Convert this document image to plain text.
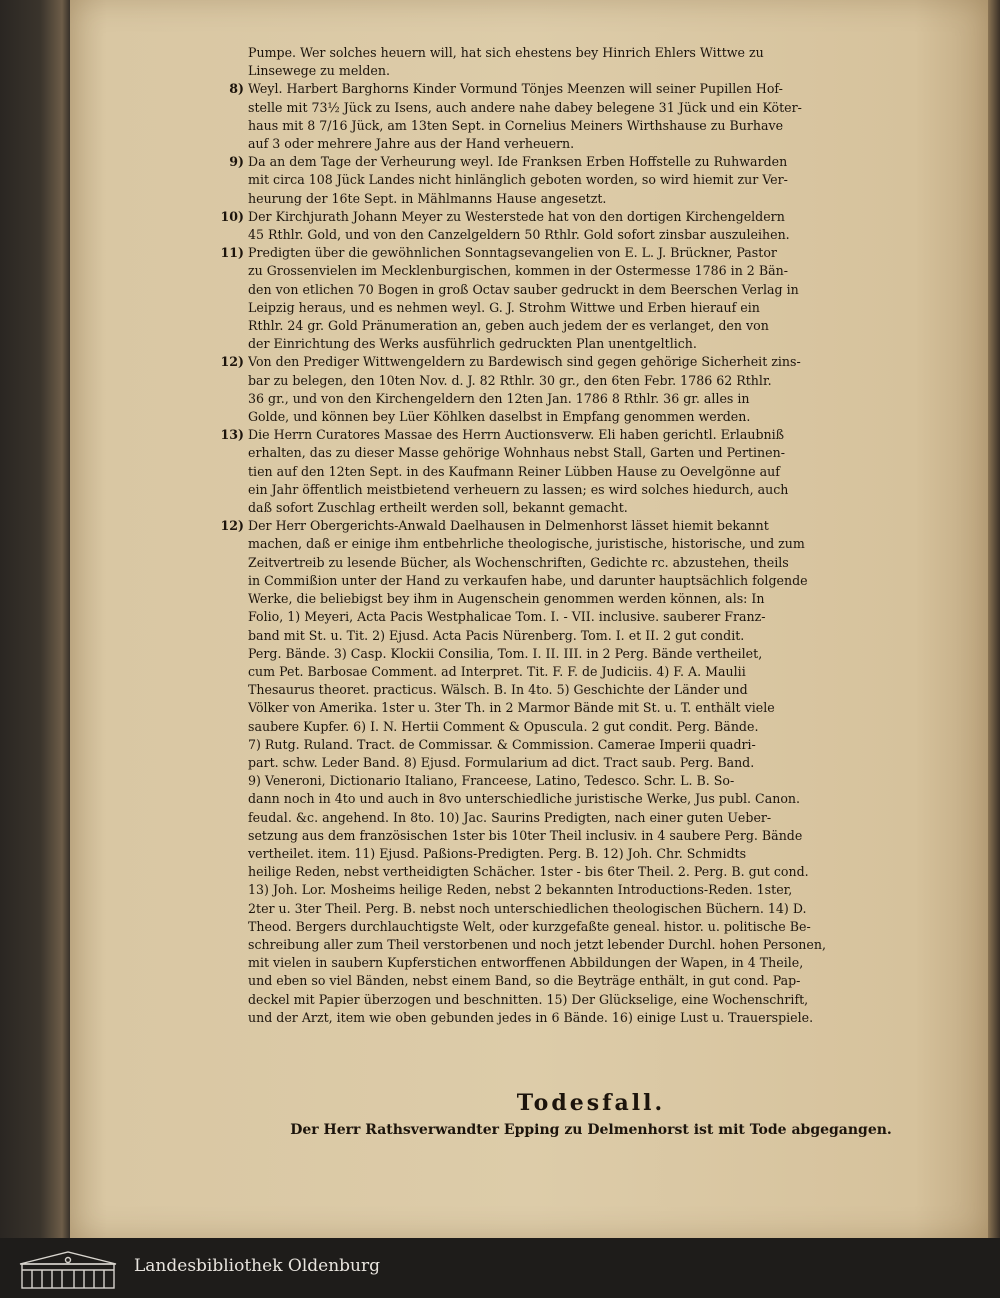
Pumpe. Wer solches heuern will, hat sich ehestens bey Hinrich Ehlers Wittwe zu
Linsewege zu melden.
8) Weyl. Harbert Barghorns Kinder Vormund Tönjes Meenzen will seiner Pupillen Hof-
stelle mit 73½ Jück zu Isens, auch andere nahe dabey belegene 31 Jück und ein Köter-
haus mit 8 7/16 Jück, am 13ten Sept. in Cornelius Meiners Wirthshause zu Burhave
auf 3 oder mehrere Jahre aus der Hand verheuern.
9) Da an dem Tage der Verheurung weyl. Ide Franksen Erben Hoffstelle zu Ruhwarden
mit circa 108 Jück Landes nicht hinlänglich geboten worden, so wird hiemit zur Ver-
heurung der 16te Sept. in Mählmanns Hause angesetzt.
10) Der Kirchjurath Johann Meyer zu Westerstede hat von den dortigen Kirchengeldern
45 Rthlr. Gold, und von den Canzelgeldern 50 Rthlr. Gold sofort zinsbar auszuleihen.
11) Predigten über die gewöhnlichen Sonntagsevangelien von E. L. J. Brückner, Pastor
zu Grossenvielen im Mecklenburgischen, kommen in der Ostermesse 1786 in 2 Bän-
den von etlichen 70 Bogen in groß Octav sauber gedruckt in dem Beerschen Verlag in
Leipzig heraus, und es nehmen weyl. G. J. Strohm Wittwe und Erben hierauf ein
Rthlr. 24 gr. Gold Pränumeration an, geben auch jedem der es verlanget, den von
der Einrichtung des Werks ausführlich gedruckten Plan unentgeltlich.
12) Von den Prediger Wittwengeldern zu Bardewisch sind gegen gehörige Sicherheit zins-
bar zu belegen, den 10ten Nov. d. J. 82 Rthlr. 30 gr., den 6ten Febr. 1786 62 Rthlr.
36 gr., und von den Kirchengeldern den 12ten Jan. 1786 8 Rthlr. 36 gr. alles in
Golde, und können bey Lüer Köhlken daselbst in Empfang genommen werden.
13) Die Herrn Curatores Massae des Herrn Auctionsverw. Eli haben gerichtl. Erlaubniß
erhalten, das zu dieser Masse gehörige Wohnhaus nebst Stall, Garten und Pertinen-
tien auf den 12ten Sept. in des Kaufmann Reiner Lübben Hause zu Oevelgönne auf
ein Jahr öffentlich meistbietend verheuern zu lassen; es wird solches hiedurch, auch
daß sofort Zuschlag ertheilt werden soll, bekannt gemacht.
12) Der Herr Obergerichts-Anwald Daelhausen in Delmenhorst lässet hiemit bekannt
machen, daß er einige ihm entbehrliche theologische, juristische, historische, und zum
Zeitvertreib zu lesende Bücher, als Wochenschriften, Gedichte rc. abzustehen, theils
in Commißion unter der Hand zu verkaufen habe, und darunter hauptsächlich folgende
Werke, die beliebigst bey ihm in Augenschein genommen werden können, als: In
Folio, 1) Meyeri, Acta Pacis Westphalicae Tom. I. - VII. inclusive. sauberer Franz-
band mit St. u. Tit. 2) Ejusd. Acta Pacis Nürenberg. Tom. I. et II. 2 gut condit.
Perg. Bände. 3) Casp. Klockii Consilia, Tom. I. II. III. in 2 Perg. Bände vertheilet,
cum Pet. Barbosae Comment. ad Interpret. Tit. F. F. de Judiciis. 4) F. A. Maulii
Thesaurus theoret. practicus. Wälsch. B. In 4to. 5) Geschichte der Länder und
Völker von Amerika. 1ster u. 3ter Th. in 2 Marmor Bände mit St. u. T. enthält viele
saubere Kupfer. 6) I. N. Hertii Comment & Opuscula. 2 gut condit. Perg. Bände.
7) Rutg. Ruland. Tract. de Commissar. & Commission. Camerae Imperii quadri-
part. schw. Leder Band. 8) Ejusd. Formularium ad dict. Tract saub. Perg. Band.
9) Veneroni, Dictionario Italiano, Franceese, Latino, Tedesco. Schr. L. B. So-
dann noch in 4to und auch in 8vo unterschiedliche juristische Werke, Jus publ. Canon.
feudal. &c. angehend. In 8to. 10) Jac. Saurins Predigten, nach einer guten Ueber-
setzung aus dem französischen 1ster bis 10ter Theil inclusiv. in 4 saubere Perg. Bände
vertheilet. item. 11) Ejusd. Paßions-Predigten. Perg. B. 12) Joh. Chr. Schmidts
heilige Reden, nebst vertheidigten Schächer. 1ster - bis 6ter Theil. 2. Perg. B. gut cond.
13) Joh. Lor. Mosheims heilige Reden, nebst 2 bekannten Introductions-Reden. 1ster,
2ter u. 3ter Theil. Perg. B. nebst noch unterschiedlichen theologischen Büchern. 14) D.
Theod. Bergers durchlauchtigste Welt, oder kurzgefaßte geneal. histor. u. politische Be-
schreibung aller zum Theil verstorbenen und noch jetzt lebender Durchl. hohen Personen,
mit vielen in saubern Kupferstichen entworffenen Abbildungen der Wapen, in 4 Theile,
und eben so viel Bänden, nebst einem Band, so die Beyträge enthält, in gut cond. Pap-
deckel mit Papier überzogen und beschnitten. 15) Der Glückselige, eine Wochenschrift,
und der Arzt, item wie oben gebunden jedes in 6 Bände. 16) einige Lust u. Trauerspiele.
Todesfall.
Der Herr Rathsverwandter Epping zu Delmenhorst ist mit Tode abgegangen.
Landesbibliothek Oldenburg
